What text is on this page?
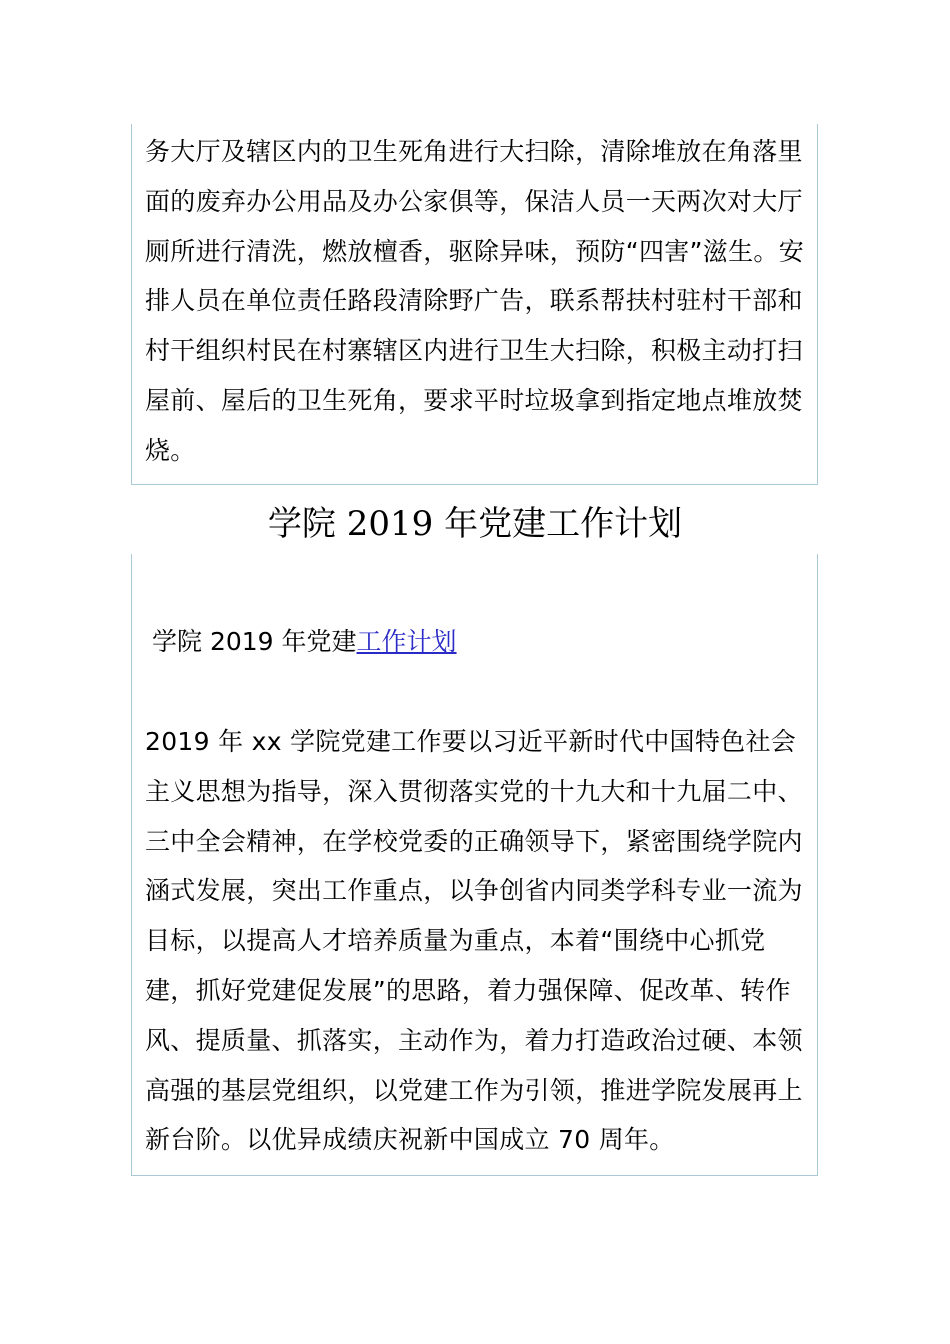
务大厅及辖区内的卫生死角进行大扫除，清除堆放在角落里面的废弃办公用品及办公家俱等，保洁人员一天两次对大厅厕所进行清洗，燃放檀香，驱除异味，预防“四害”滋生。安排人员在单位责任路段清除野广告，联系帮扶村驻村干部和村干组织村民在村寨辖区内进行卫生大扫除，积极主动打扫屋前、屋后的卫生死角，要求平时垃圾拿到指定地点堆放焚烧。

学院 2019 年党建工作计划

学院 2019 年党建工作计划

2019 年 xx 学院党建工作要以习近平新时代中国特色社会主义思想为指导，深入贯彻落实党的十九大和十九届二中、三中全会精神，在学校党委的正确领导下，紧密围绕学院内涵式发展，突出工作重点，以争创省内同类学科专业一流为目标，以提高人才培养质量为重点，本着“围绕中心抓党建，抓好党建促发展”的思路，着力强保障、促改革、转作风、提质量、抓落实，主动作为，着力打造政治过硬、本领高强的基层党组织，以党建工作为引领，推进学院发展再上新台阶。以优异成绩庆祝新中国成立 70 周年。
